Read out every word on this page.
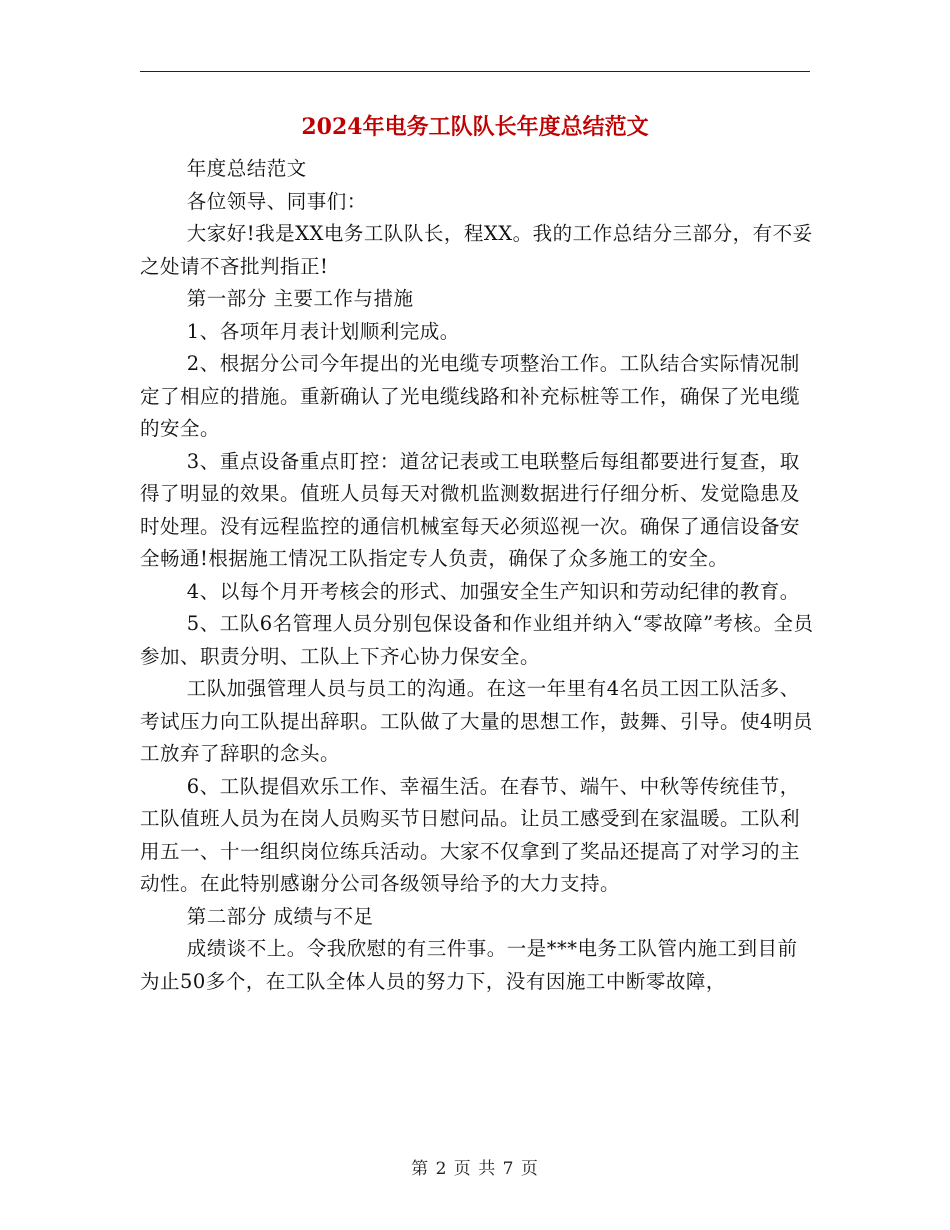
2024年电务工队队长年度总结范文

年度总结范文

各位领导、同事们：

大家好!我是XX电务工队队长，程XX。我的工作总结分三部分，有不妥之处请不吝批判指正!

第一部分 主要工作与措施

1、各项年月表计划顺利完成。

2、根据分公司今年提出的光电缆专项整治工作。工队结合实际情况制定了相应的措施。重新确认了光电缆线路和补充标桩等工作，确保了光电缆的安全。

3、重点设备重点盯控：道岔记表或工电联整后每组都要进行复查，取得了明显的效果。值班人员每天对微机监测数据进行仔细分析、发觉隐患及时处理。没有远程监控的通信机械室每天必须巡视一次。确保了通信设备安全畅通!根据施工情况工队指定专人负责，确保了众多施工的安全。

4、以每个月开考核会的形式、加强安全生产知识和劳动纪律的教育。

5、工队6名管理人员分别包保设备和作业组并纳入“零故障”考核。全员参加、职责分明、工队上下齐心协力保安全。

工队加强管理人员与员工的沟通。在这一年里有4名员工因工队活多、考试压力向工队提出辞职。工队做了大量的思想工作，鼓舞、引导。使4明员工放弃了辞职的念头。

6、工队提倡欢乐工作、幸福生活。在春节、端午、中秋等传统佳节，工队值班人员为在岗人员购买节日慰问品。让员工感受到在家温暖。工队利用五一、十一组织岗位练兵活动。大家不仅拿到了奖品还提高了对学习的主动性。在此特别感谢分公司各级领导给予的大力支持。

第二部分 成绩与不足

成绩谈不上。令我欣慰的有三件事。一是***电务工队管内施工到目前为止50多个，在工队全体人员的努力下，没有因施工中断零故障，

第 2 页 共 7 页
